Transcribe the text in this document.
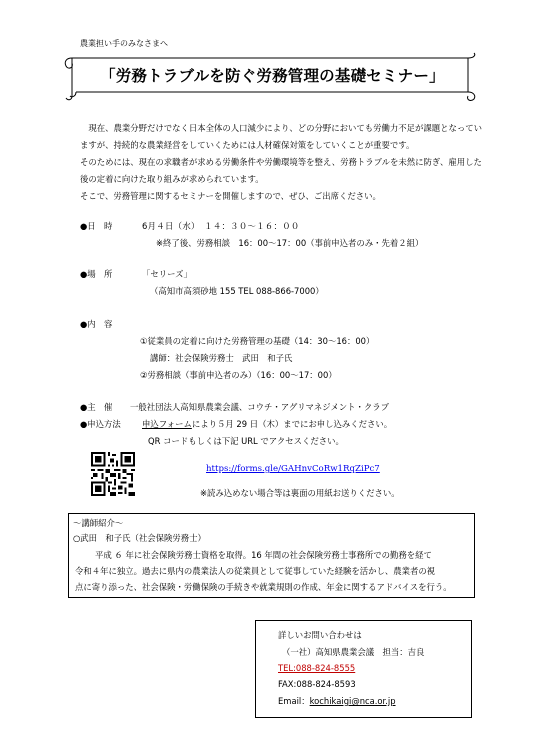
農業担い手のみなさまへ
「労務トラブルを防ぐ労務管理の基礎セミナー」

現在、農業分野だけでなく日本全体の人口減少により、どの分野においても労働力不足が課題となっていますが、持続的な農業経営をしていくためには人材確保対策をしていくことが重要です。

そのためには、現在の求職者が求める労働条件や労働環境等を整え、労務トラブルを未然に防ぎ、雇用した後の定着に向けた取り組みが求められています。

そこで、労務管理に関するセミナーを開催しますので、ぜひ、ご出席ください。

●日　時	6月４日（水）　１４：３０～１６：００
※終了後、労務相談　16：00～17：00（事前申込者のみ・先着２組）
●場　所	「セリーズ」
（高知市高須砂地 155 TEL 088-866-7000）
●内　容
①従業員の定着に向けた労務管理の基礎（14：30～16：00）
講師：社会保険労務士　武田　和子氏
②労務相談（事前申込者のみ）（16：00～17：00）
●主　催 一般社団法人高知県農業会議、コウチ・アグリマネジメント・クラブ
●申込方法	申込フォームにより５月 29 日（木）までにお申し込みください。
QR コードもしくは下記 URL でアクセスください。
https://forms.gle/GAHnvCoRw1RqZiPc7
※読み込めない場合等は裏面の用紙お送りください。
～講師紹介～
○武田　和子氏（社会保険労務士）
平成 ６ 年に社会保険労務士資格を取得。16 年間の社会保険労務士事務所での勤務を経て
令和４年に独立。過去に県内の農業法人の従業員として従事していた経験を活かし、農業者の視
点に寄り添った、社会保険・労働保険の手続きや就業規則の作成、年金に関するアドバイスを行う。
詳しいお問い合わせは
（一社）高知県農業会議　担当：吉良
TEL:088-824-8555
FAX:088-824-8593
Email：kochikaigi@nca.or.jp
